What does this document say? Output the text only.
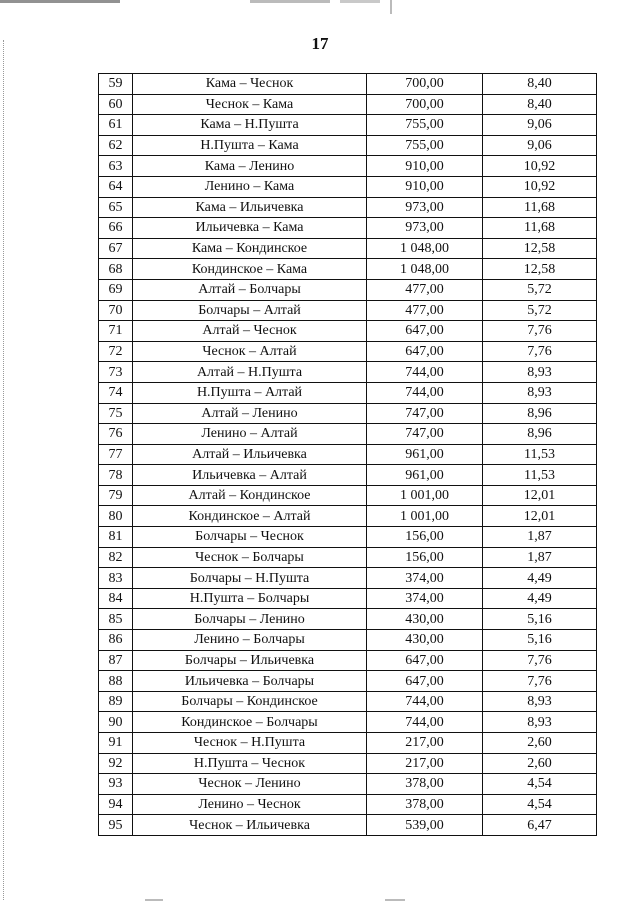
17
59	Кама – Чеснок	700,00	8,40
60	Чеснок – Кама	700,00	8,40
61	Кама – Н.Пушта	755,00	9,06
62	Н.Пушта – Кама	755,00	9,06
63	Кама – Ленино	910,00	10,92
64	Ленино – Кама	910,00	10,92
65	Кама – Ильичевка	973,00	11,68
66	Ильичевка – Кама	973,00	11,68
67	Кама – Кондинское	1 048,00	12,58
68	Кондинское – Кама	1 048,00	12,58
69	Алтай – Болчары	477,00	5,72
70	Болчары – Алтай	477,00	5,72
71	Алтай – Чеснок	647,00	7,76
72	Чеснок – Алтай	647,00	7,76
73	Алтай – Н.Пушта	744,00	8,93
74	Н.Пушта – Алтай	744,00	8,93
75	Алтай – Ленино	747,00	8,96
76	Ленино – Алтай	747,00	8,96
77	Алтай – Ильичевка	961,00	11,53
78	Ильичевка – Алтай	961,00	11,53
79	Алтай – Кондинское	1 001,00	12,01
80	Кондинское – Алтай	1 001,00	12,01
81	Болчары – Чеснок	156,00	1,87
82	Чеснок – Болчары	156,00	1,87
83	Болчары – Н.Пушта	374,00	4,49
84	Н.Пушта – Болчары	374,00	4,49
85	Болчары – Ленино	430,00	5,16
86	Ленино – Болчары	430,00	5,16
87	Болчары – Ильичевка	647,00	7,76
88	Ильичевка – Болчары	647,00	7,76
89	Болчары – Кондинское	744,00	8,93
90	Кондинское – Болчары	744,00	8,93
91	Чеснок – Н.Пушта	217,00	2,60
92	Н.Пушта – Чеснок	217,00	2,60
93	Чеснок – Ленино	378,00	4,54
94	Ленино – Чеснок	378,00	4,54
95	Чеснок – Ильичевка	539,00	6,47
